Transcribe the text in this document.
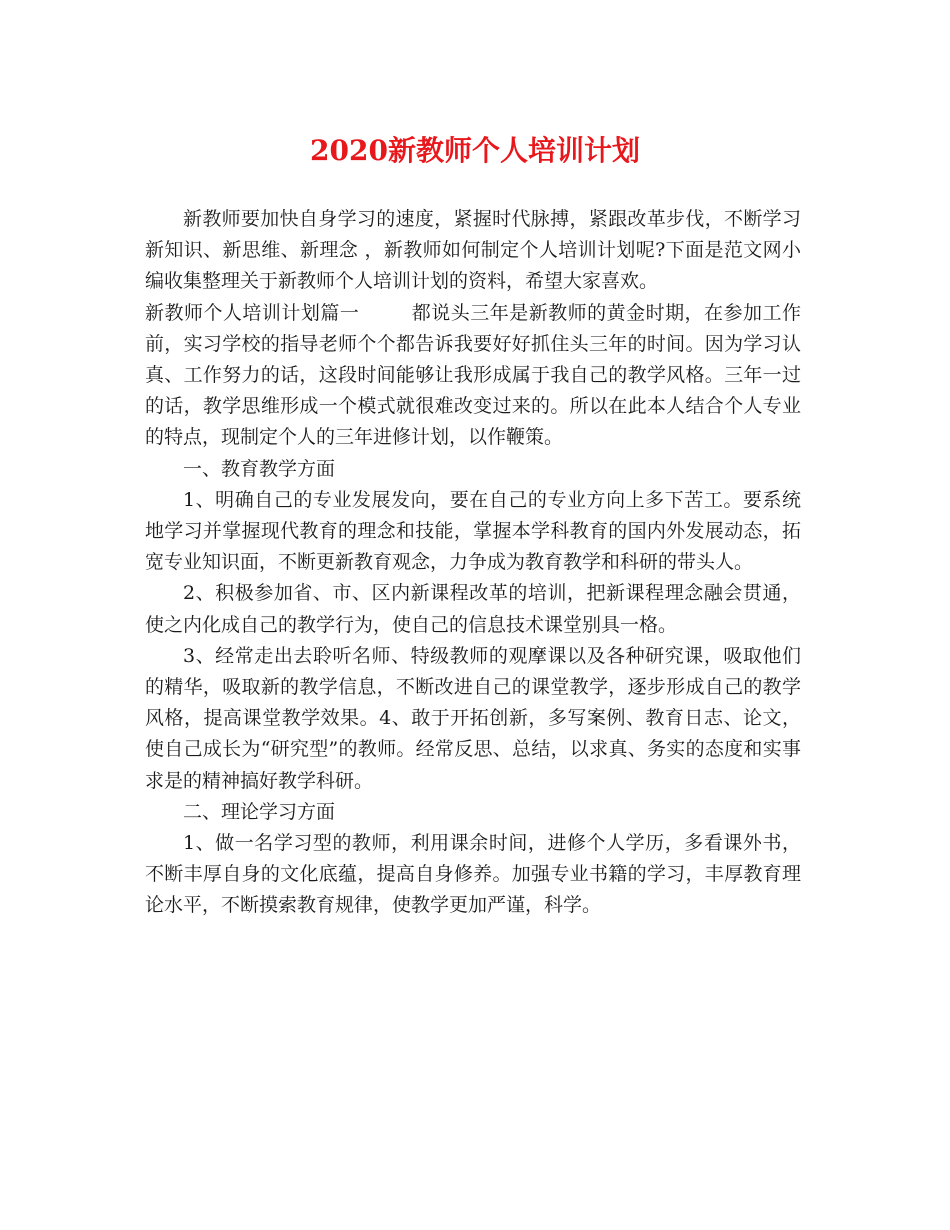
2020新教师个人培训计划

新教师要加快自身学习的速度，紧握时代脉搏，紧跟改革步伐，不断学习新知识、新思维、新理念 ，新教师如何制定个人培训计划呢?下面是范文网小编收集整理关于新教师个人培训计划的资料，希望大家喜欢。

新教师个人培训计划篇一	都说头三年是新教师的黄金时期，在参加工作前，实习学校的指导老师个个都告诉我要好好抓住头三年的时间。因为学习认真、工作努力的话，这段时间能够让我形成属于我自己的教学风格。三年一过的话，教学思维形成一个模式就很难改变过来的。所以在此本人结合个人专业的特点，现制定个人的三年进修计划，以作鞭策。

一、教育教学方面

1、明确自己的专业发展发向，要在自己的专业方向上多下苦工。要系统地学习并掌握现代教育的理念和技能，掌握本学科教育的国内外发展动态，拓宽专业知识面，不断更新教育观念，力争成为教育教学和科研的带头人。

2、积极参加省、市、区内新课程改革的培训，把新课程理念融会贯通，使之内化成自己的教学行为，使自己的信息技术课堂别具一格。

3、经常走出去聆听名师、特级教师的观摩课以及各种研究课，吸取他们的精华，吸取新的教学信息，不断改进自己的课堂教学，逐步形成自己的教学风格，提高课堂教学效果。4、敢于开拓创新，多写案例、教育日志、论文，使自己成长为“研究型”的教师。经常反思、总结，以求真、务实的态度和实事求是的精神搞好教学科研。

二、理论学习方面

1、做一名学习型的教师，利用课余时间，进修个人学历，多看课外书，不断丰厚自身的文化底蕴，提高自身修养。加强专业书籍的学习，丰厚教育理论水平，不断摸索教育规律，使教学更加严谨，科学。
